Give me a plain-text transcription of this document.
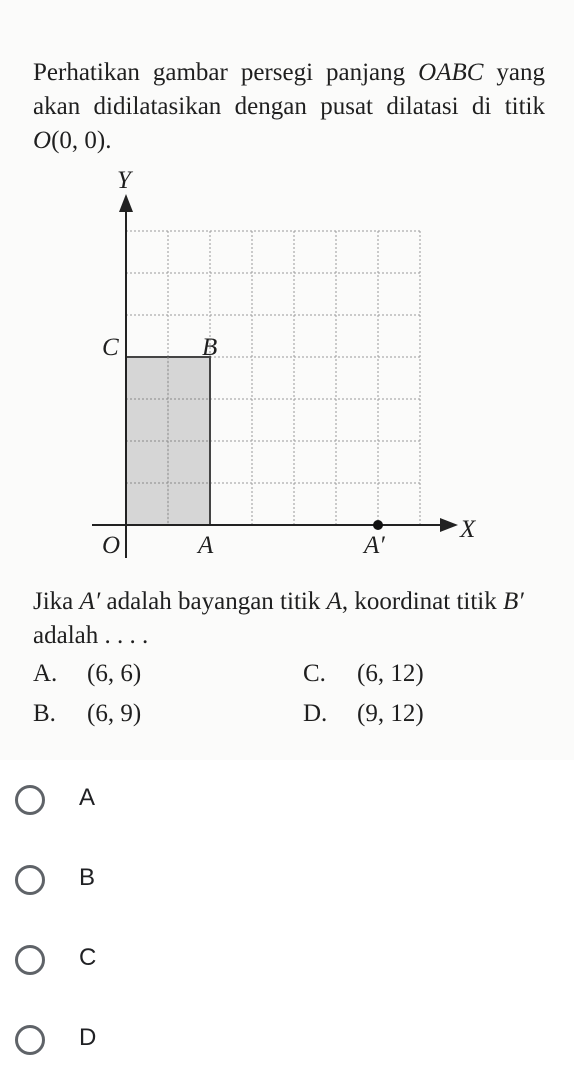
Perhatikan gambar persegi panjang OABC yang akan didilatasikan dengan pusat dilatasi di titik O(0, 0).
Y
X
C	B
O	A	A′
Jika A′ adalah bayangan titik A, koordinat titik B′ adalah . . . .
A. (6, 6)
B. (6, 9)
C. (6, 12)
D. (9, 12)
A
B
C
D
